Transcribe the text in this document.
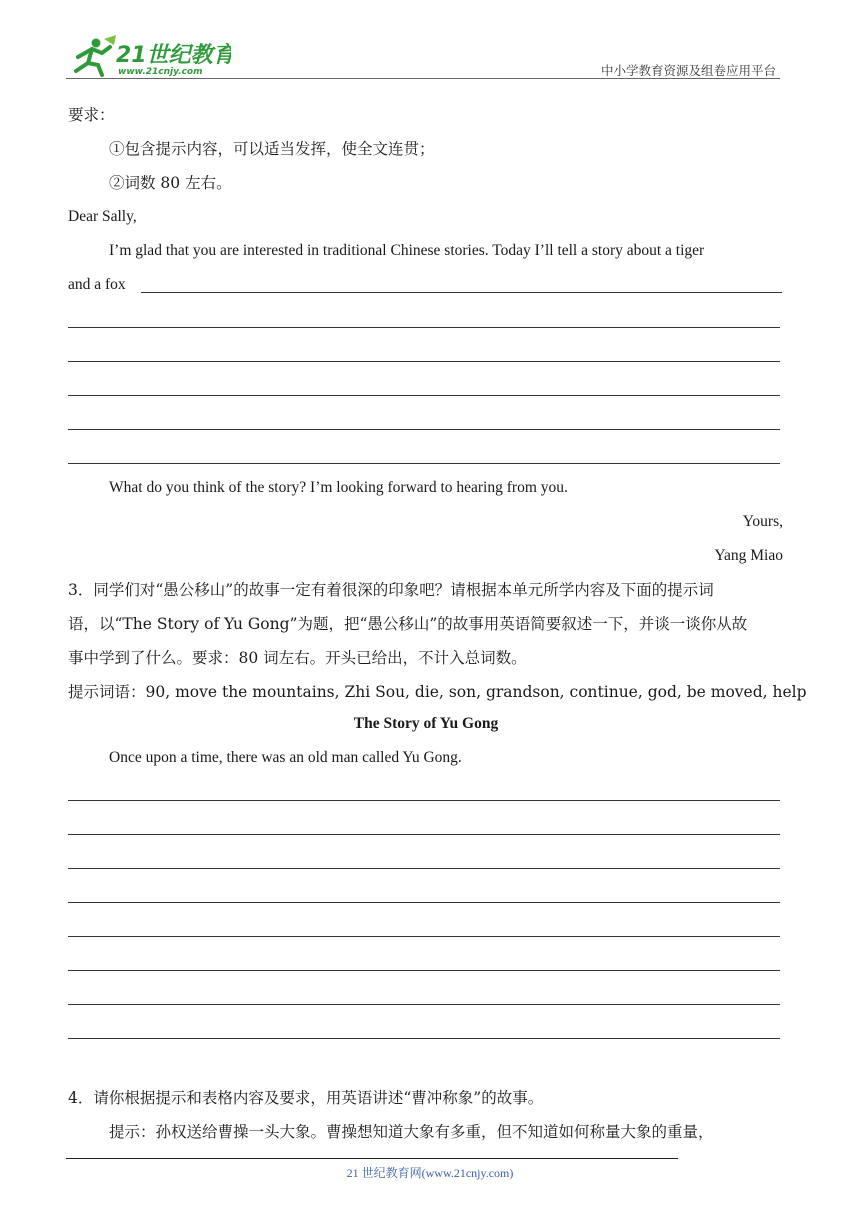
21世纪教育
www.21cnjy.com	中小学教育资源及组卷应用平台
要求：
①包含提示内容，可以适当发挥，使全文连贯；
②词数 80 左右。
Dear Sally,
I’m glad that you are interested in traditional Chinese stories. Today I’ll tell a story about a tiger
and a fox
What do you think of the story? I’m looking forward to hearing from you.
Yours,
Yang Miao
3．同学们对“愚公移山”的故事一定有着很深的印象吧？请根据本单元所学内容及下面的提示词
语，以“The Story of Yu Gong”为题，把“愚公移山”的故事用英语简要叙述一下，并谈一谈你从故
事中学到了什么。要求：80 词左右。开头已给出，不计入总词数。
提示词语：90, move the mountains, Zhi Sou, die, son, grandson, continue, god, be moved, help
The Story of Yu Gong
Once upon a time, there was an old man called Yu Gong.
4．请你根据提示和表格内容及要求，用英语讲述“曹冲称象”的故事。
提示：孙权送给曹操一头大象。曹操想知道大象有多重，但不知道如何称量大象的重量，
21 世纪教育网(www.21cnjy.com)
